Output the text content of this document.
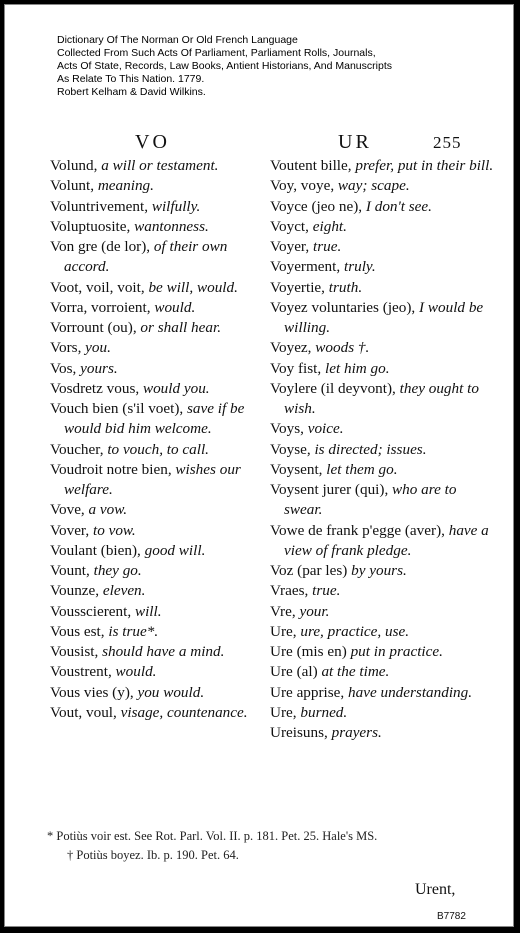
Dictionary Of The Norman Or Old French Language
Collected From Such Acts Of Parliament, Parliament Rolls, Journals,
Acts Of State, Records, Law Books, Antient Historians, And Manuscripts
As Relate To This Nation. 1779.
Robert Kelham & David Wilkins.
VO	UR	255
Volund, a will or testament.
Volunt, meaning.
Voluntrivement, wilfully.
Voluptuosite, wantonness.
Von gre (de lor), of their own accord.
Voot, voil, voit, be will, would.
Vorra, vorroient, would.
Vorrount (ou), or shall hear.
Vors, you.
Vos, yours.
Vosdretz vous, would you.
Vouch bien (s'il voet), save if be would bid him welcome.
Voucher, to vouch, to call.
Voudroit notre bien, wishes our welfare.
Vove, a vow.
Vover, to vow.
Voulant (bien), good will.
Vount, they go.
Vounze, eleven.
Vousscierent, will.
Vous est, is true*.
Vousist, should have a mind.
Voustrent, would.
Vous vies (y), you would.
Vout, voul, visage, countenance.
Voutent bille, prefer, put in their bill.
Voy, voye, way; scape.
Voyce (jeo ne), I don't see.
Voyct, eight.
Voyer, true.
Voyerment, truly.
Voyertie, truth.
Voyez voluntaries (jeo), I would be willing.
Voyez, woods †.
Voy fist, let him go.
Voylere (il deyvont), they ought to wish.
Voys, voice.
Voyse, is directed; issues.
Voysent, let them go.
Voysent jurer (qui), who are to swear.
Vowe de frank p'egge (aver), have a view of frank pledge.
Voz (par les) by yours.
Vraes, true.
Vre, your.
Ure, ure, practice, use.
Ure (mis en) put in practice.
Ure (al) at the time.
Ure apprise, have understanding.
Ure, burned.
Ureisuns, prayers.
* Potiùs voir est. See Rot. Parl. Vol. II. p. 181. Pet. 25. Hale's MS.
† Potiùs boyez. Ib. p. 190. Pet. 64.
Urent,
B7782
